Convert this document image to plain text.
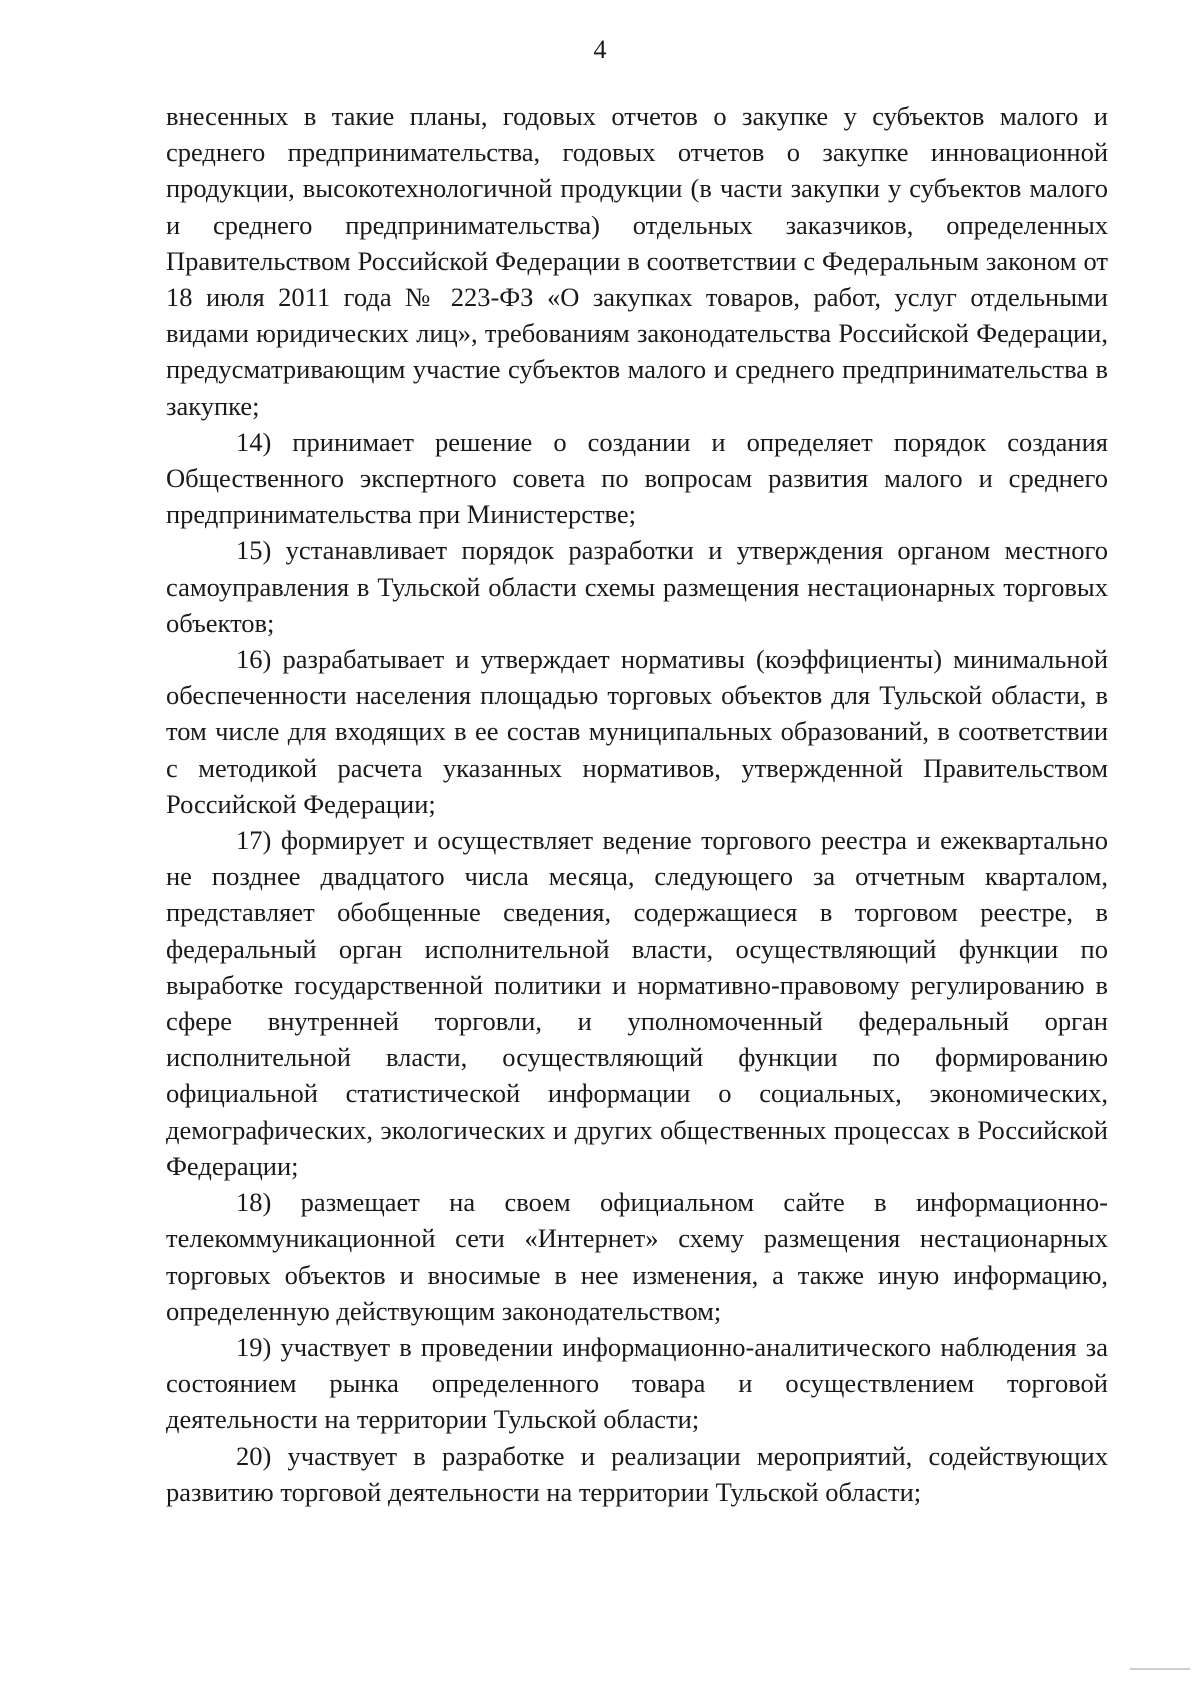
4

внесенных в такие планы, годовых отчетов о закупке у субъектов малого и среднего предпринимательства, годовых отчетов о закупке инновационной продукции, высокотехнологичной продукции (в части закупки у субъектов малого и среднего предпринимательства) отдельных заказчиков, определенных Правительством Российской Федерации в соответствии с Федеральным законом от 18 июля 2011 года № 223-ФЗ «О закупках товаров, работ, услуг отдельными видами юридических лиц», требованиям законодательства Российской Федерации, предусматривающим участие субъектов малого и среднего предпринимательства в закупке;

14) принимает решение о создании и определяет порядок создания Общественного экспертного совета по вопросам развития малого и среднего предпринимательства при Министерстве;

15) устанавливает порядок разработки и утверждения органом местного самоуправления в Тульской области схемы размещения нестационарных торговых объектов;

16) разрабатывает и утверждает нормативы (коэффициенты) минимальной обеспеченности населения площадью торговых объектов для Тульской области, в том числе для входящих в ее состав муниципальных образований, в соответствии с методикой расчета указанных нормативов, утвержденной Правительством Российской Федерации;

17) формирует и осуществляет ведение торгового реестра и ежеквартально не позднее двадцатого числа месяца, следующего за отчетным кварталом, представляет обобщенные сведения, содержащиеся в торговом реестре, в федеральный орган исполнительной власти, осуществляющий функции по выработке государственной политики и нормативно-правовому регулированию в сфере внутренней торговли, и уполномоченный федеральный орган исполнительной власти, осуществляющий функции по формированию официальной статистической информации о социальных, экономических, демографических, экологических и других общественных процессах в Российской Федерации;

18) размещает на своем официальном сайте в информационно-телекоммуникационной сети «Интернет» схему размещения нестационарных торговых объектов и вносимые в нее изменения, а также иную информацию, определенную действующим законодательством;

19) участвует в проведении информационно-аналитического наблюдения за состоянием рынка определенного товара и осуществлением торговой деятельности на территории Тульской области;

20) участвует в разработке и реализации мероприятий, содействующих развитию торговой деятельности на территории Тульской области;
